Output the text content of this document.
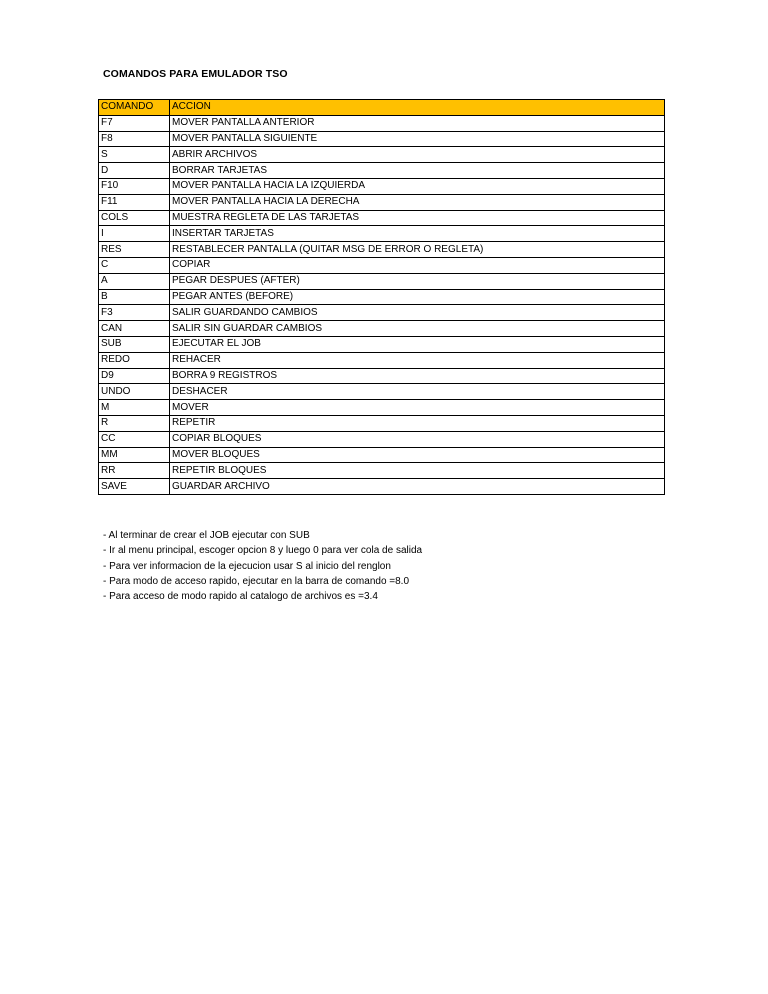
COMANDOS PARA EMULADOR TSO
COMANDO	ACCION
F7	MOVER PANTALLA ANTERIOR
F8	MOVER PANTALLA SIGUIENTE
S	ABRIR ARCHIVOS
D	BORRAR TARJETAS
F10	MOVER PANTALLA HACIA LA IZQUIERDA
F11	MOVER PANTALLA HACIA LA DERECHA
COLS	MUESTRA REGLETA DE LAS TARJETAS
I	INSERTAR TARJETAS
RES	RESTABLECER PANTALLA (QUITAR MSG DE ERROR O REGLETA)
C	COPIAR
A	PEGAR DESPUES (AFTER)
B	PEGAR ANTES (BEFORE)
F3	SALIR GUARDANDO CAMBIOS
CAN	SALIR SIN GUARDAR CAMBIOS
SUB	EJECUTAR EL JOB
REDO	REHACER
D9	BORRA 9 REGISTROS
UNDO	DESHACER
M	MOVER
R	REPETIR
CC	COPIAR BLOQUES
MM	MOVER BLOQUES
RR	REPETIR BLOQUES
SAVE	GUARDAR ARCHIVO
- Al terminar de crear el JOB ejecutar con SUB
- Ir al menu principal, escoger opcion 8 y luego 0 para ver cola de salida
- Para ver informacion de la ejecucion usar S al inicio del renglon
- Para modo de acceso rapido, ejecutar en la barra de comando =8.0
- Para acceso de modo rapido al catalogo de archivos es =3.4
